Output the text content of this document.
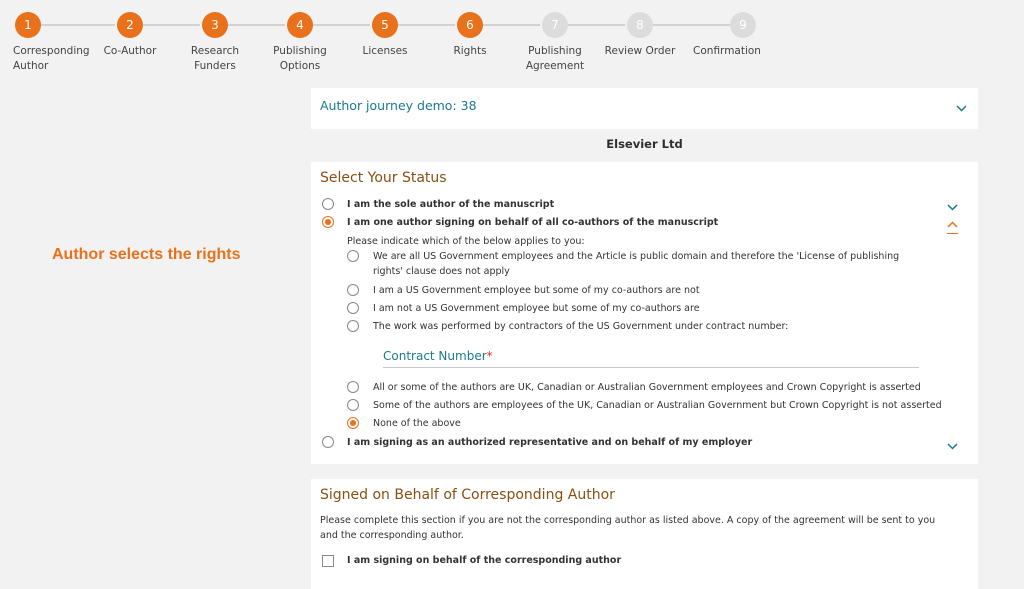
1
Corresponding Author
2
Co-Author
3
Research Funders
4
Publishing Options
5
Licenses
6
Rights
7
Publishing Agreement
8
Review Order
9
Confirmation
Author selects the rights
Author journey demo: 38
Elsevier Ltd
Select Your Status
I am the sole author of the manuscript
I am one author signing on behalf of all co-authors of the manuscript
Please indicate which of the below applies to you:
We are all US Government employees and the Article is public domain and therefore the 'License of publishing rights' clause does not apply
I am a US Government employee but some of my co-authors are not
I am not a US Government employee but some of my co-authors are
The work was performed by contractors of the US Government under contract number:
Contract Number*
All or some of the authors are UK, Canadian or Australian Government employees and Crown Copyright is asserted
Some of the authors are employees of the UK, Canadian or Australian Government but Crown Copyright is not asserted
None of the above
I am signing as an authorized representative and on behalf of my employer
Signed on Behalf of Corresponding Author
Please complete this section if you are not the corresponding author as listed above. A copy of the agreement will be sent to you and the corresponding author.
I am signing on behalf of the corresponding author
